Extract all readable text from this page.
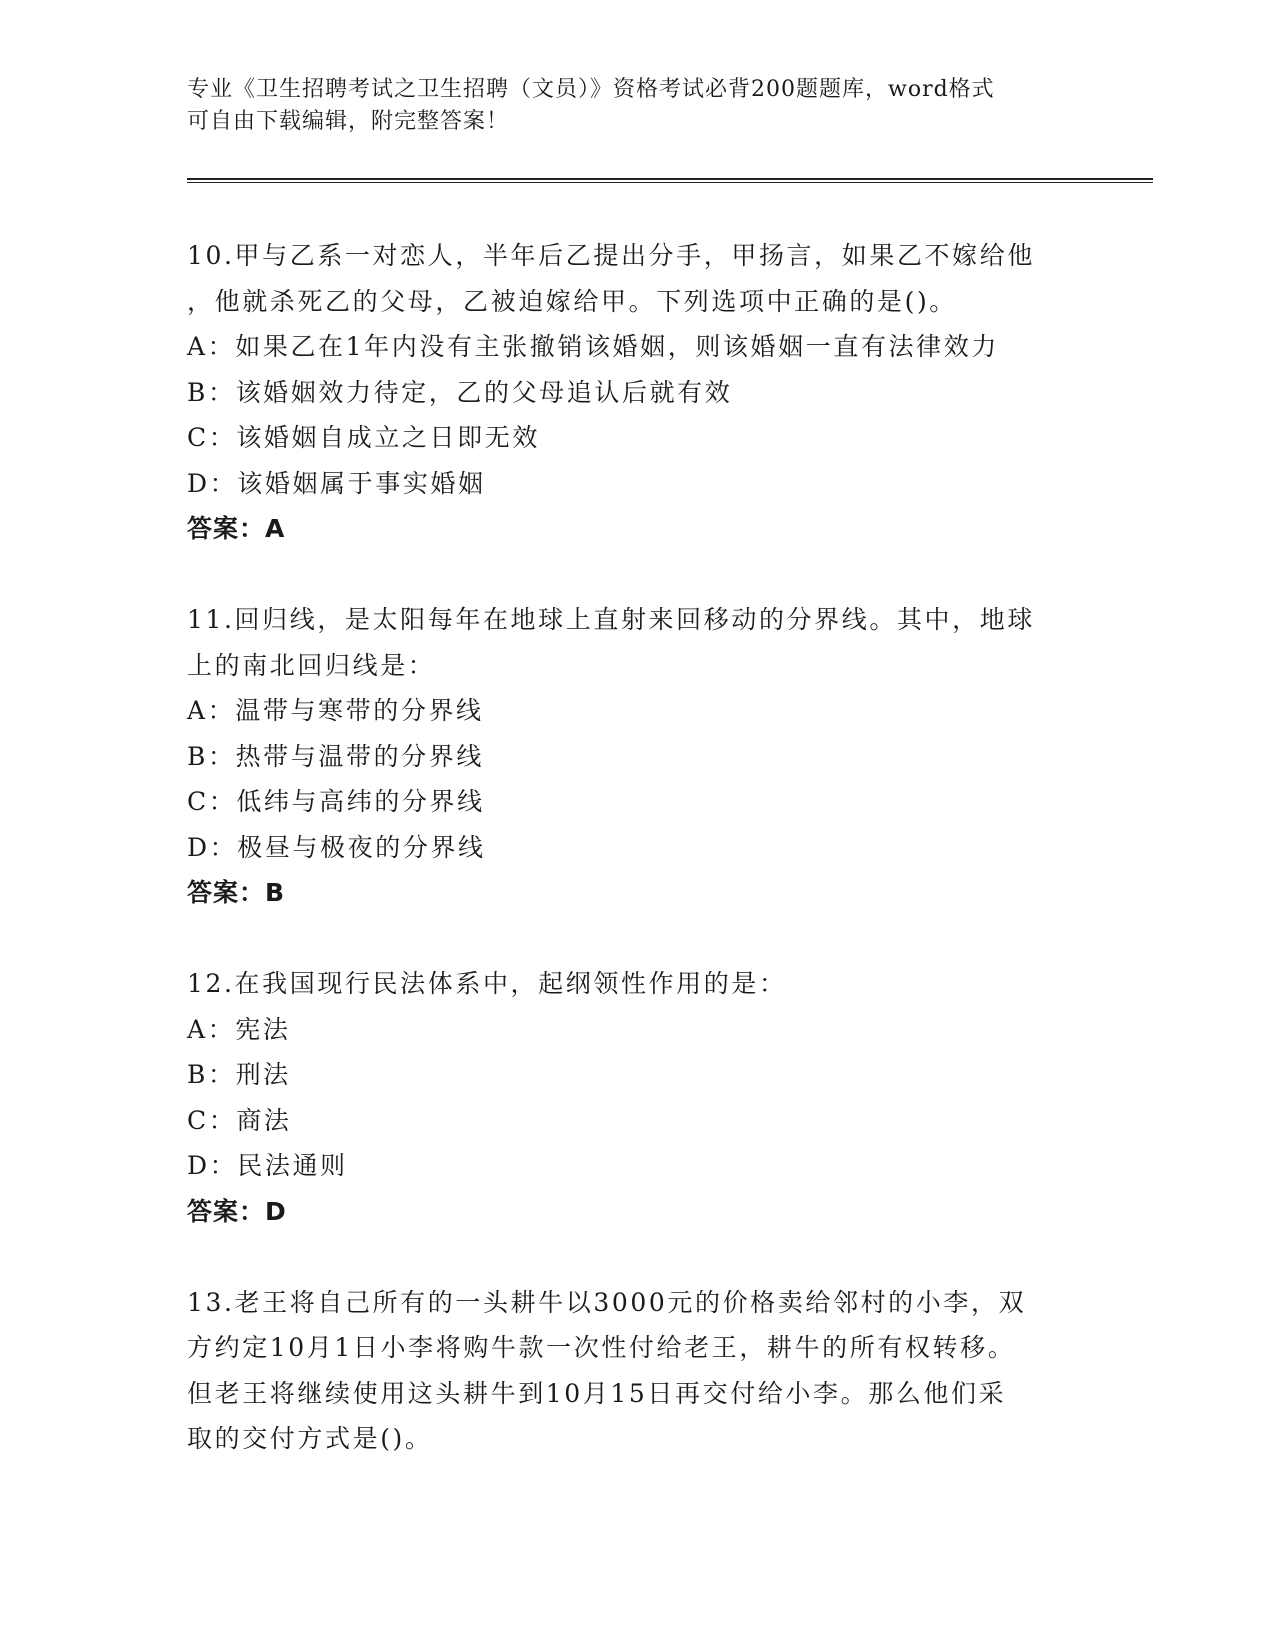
专业《卫生招聘考试之卫生招聘（文员）》资格考试必背200题题库，word格式
可自由下载编辑，附完整答案！
10.甲与乙系一对恋人，半年后乙提出分手，甲扬言，如果乙不嫁给他
，他就杀死乙的父母，乙被迫嫁给甲。下列选项中正确的是()。
A：如果乙在1年内没有主张撤销该婚姻，则该婚姻一直有法律效力
B：该婚姻效力待定，乙的父母追认后就有效
C：该婚姻自成立之日即无效
D：该婚姻属于事实婚姻
答案：A
11.回归线，是太阳每年在地球上直射来回移动的分界线。其中，地球
上的南北回归线是：
A：温带与寒带的分界线
B：热带与温带的分界线
C：低纬与高纬的分界线
D：极昼与极夜的分界线
答案：B
12.在我国现行民法体系中，起纲领性作用的是：
A：宪法
B：刑法
C：商法
D：民法通则
答案：D
13.老王将自己所有的一头耕牛以3000元的价格卖给邻村的小李，双
方约定10月1日小李将购牛款一次性付给老王，耕牛的所有权转移。
但老王将继续使用这头耕牛到10月15日再交付给小李。那么他们采
取的交付方式是()。
